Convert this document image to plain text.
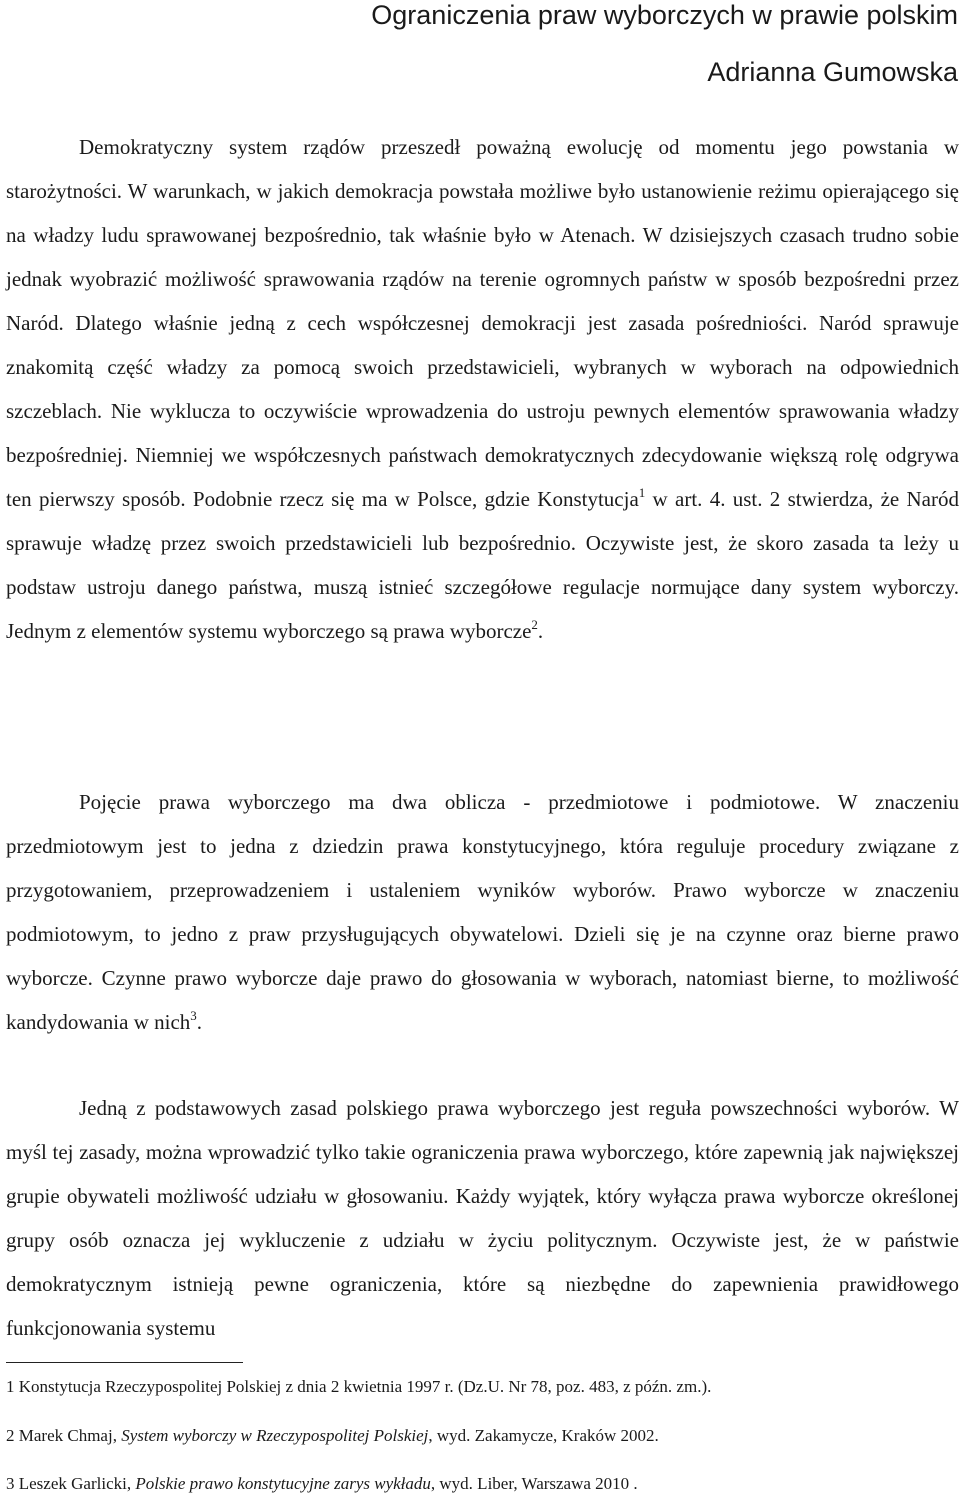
Ograniczenia praw wyborczych w prawie polskim
Adrianna Gumowska

Demokratyczny system rządów przeszedł poważną ewolucję od momentu jego powstania w starożytności. W warunkach, w jakich demokracja powstała możliwe było ustanowienie reżimu opierającego się na władzy ludu sprawowanej bezpośrednio, tak właśnie było w Atenach. W dzisiejszych czasach trudno sobie jednak wyobrazić możliwość sprawowania rządów na terenie ogromnych państw w sposób bezpośredni przez Naród. Dlatego właśnie jedną z cech współczesnej demokracji jest zasada pośredniości. Naród sprawuje znakomitą część władzy za pomocą swoich przedstawicieli, wybranych w wyborach na odpowiednich szczeblach. Nie wyklucza to oczywiście wprowadzenia do ustroju pewnych elementów sprawowania władzy bezpośredniej. Niemniej we współczesnych państwach demokratycznych zdecydowanie większą rolę odgrywa ten pierwszy sposób. Podobnie rzecz się ma w Polsce, gdzie Konstytucja$^1$ w art. 4. ust. 2 stwierdza, że Naród sprawuje władzę przez swoich przedstawicieli lub bezpośrednio. Oczywiste jest, że skoro zasada ta leży u podstaw ustroju danego państwa, muszą istnieć szczegółowe regulacje normujące dany system wyborczy. Jednym z elementów systemu wyborczego są prawa wyborcze$^2$.

Pojęcie prawa wyborczego ma dwa oblicza - przedmiotowe i podmiotowe. W znaczeniu przedmiotowym jest to jedna z dziedzin prawa konstytucyjnego, która reguluje procedury związane z przygotowaniem, przeprowadzeniem i ustaleniem wyników wyborów. Prawo wyborcze w znaczeniu podmiotowym, to jedno z praw przysługujących obywatelowi. Dzieli się je na czynne oraz bierne prawo wyborcze. Czynne prawo wyborcze daje prawo do głosowania w wyborach, natomiast bierne, to możliwość kandydowania w nich$^3$.

Jedną z podstawowych zasad polskiego prawa wyborczego jest reguła powszechności wyborów. W myśl tej zasady, można wprowadzić tylko takie ograniczenia prawa wyborczego, które zapewnią jak największej grupie obywateli możliwość udziału w głosowaniu. Każdy wyjątek, który wyłącza prawa wyborcze określonej grupy osób oznacza jej wykluczenie z udziału w życiu politycznym. Oczywiste jest, że w państwie demokratycznym istnieją pewne ograniczenia, które są niezbędne do zapewnienia prawidłowego funkcjonowania systemu

1 Konstytucja Rzeczypospolitej Polskiej z dnia 2 kwietnia 1997 r. (Dz.U. Nr 78, poz. 483, z późn. zm.).

2 Marek Chmaj, System wyborczy w Rzeczypospolitej Polskiej, wyd. Zakamycze, Kraków 2002.

3 Leszek Garlicki, Polskie prawo konstytucyjne zarys wykładu, wyd. Liber, Warszawa 2010 .
